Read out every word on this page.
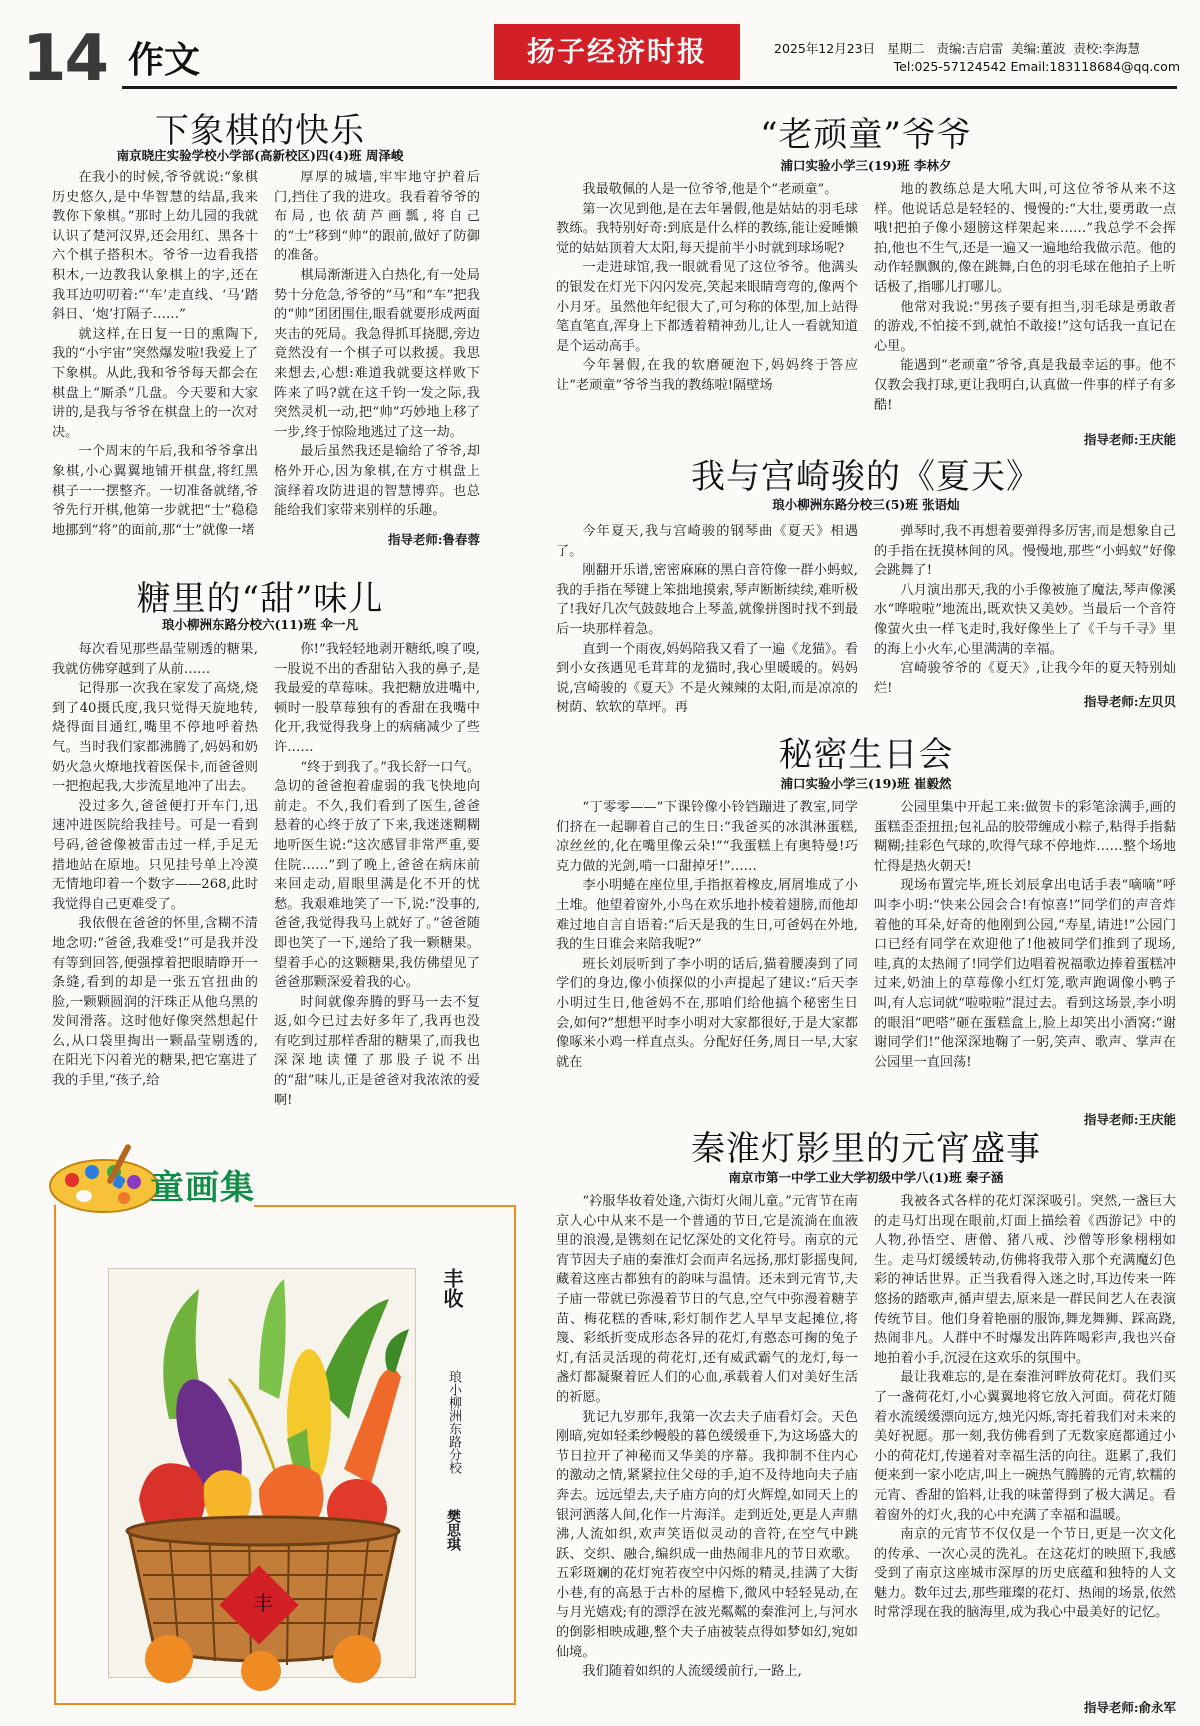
14 作文	扬子经济时报	2025年12月23日 星期二 责编:吉启雷 美编:董波 责校:李海慧
Tel:025-57124542 Email:183118684@qq.com
下象棋的快乐
南京晓庄实验学校小学部(高新校区)四(4)班 周泽峻

在我小的时候,爷爷就说:“象棋历史悠久,是中华智慧的结晶,我来教你下象棋。”那时上幼儿园的我就认识了楚河汉界,还会用红、黑各十六个棋子搭积木。爷爷一边看我搭积木,一边教我认象棋上的字,还在我耳边叨叨着:“‘车’走直线、‘马’踏斜日、‘炮’打隔子……”

就这样,在日复一日的熏陶下,我的“小宇宙”突然爆发啦!我爱上了下象棋。从此,我和爷爷每天都会在棋盘上“厮杀”几盘。今天要和大家讲的,是我与爷爷在棋盘上的一次对决。

一个周末的午后,我和爷爷拿出象棋,小心翼翼地铺开棋盘,将红黑棋子一一摆整齐。一切准备就绪,爷爷先行开棋,他第一步就把“士”稳稳地挪到“将”的面前,那“士”就像一堵

厚厚的城墙,牢牢地守护着后门,挡住了我的进攻。我看着爷爷的布局,也依葫芦画瓢,将自己的“士”移到“帅”的跟前,做好了防御的准备。

棋局渐渐进入白热化,有一处局势十分危急,爷爷的“马”和“车”把我的“帅”团团围住,眼看就要形成两面夹击的死局。我急得抓耳挠腮,旁边竟然没有一个棋子可以救援。我思来想去,心想:难道我就要这样败下阵来了吗?就在这千钧一发之际,我突然灵机一动,把“帅”巧妙地上移了一步,终于惊险地逃过了这一劫。

最后虽然我还是输给了爷爷,却格外开心,因为象棋,在方寸棋盘上演绎着攻防进退的智慧博弈。也总能给我们家带来别样的乐趣。

指导老师:鲁春蓉
糖里的“甜”味儿
琅小柳洲东路分校六(11)班 伞一凡

每次看见那些晶莹剔透的糖果,我就仿佛穿越到了从前……

记得那一次我在家发了高烧,烧到了40摄氏度,我只觉得天旋地转,烧得面目通红,嘴里不停地呼着热气。当时我们家都沸腾了,妈妈和奶奶火急火燎地找着医保卡,而爸爸则一把抱起我,大步流星地冲了出去。

没过多久,爸爸便打开车门,迅速冲进医院给我挂号。可是一看到号码,爸爸像被雷击过一样,手足无措地站在原地。只见挂号单上冷漠无情地印着一个数字——268,此时我觉得自己更难受了。

我依偎在爸爸的怀里,含糊不清地念叨:“爸爸,我难受!”可是我并没有等到回答,便强撑着把眼睛睁开一条缝,看到的却是一张五官扭曲的脸,一颗颗圆润的汗珠正从他乌黑的发间滑落。这时他好像突然想起什么,从口袋里掏出一颗晶莹剔透的,在阳光下闪着光的糖果,把它塞进了我的手里,“孩子,给

你!”我轻轻地剥开糖纸,嗅了嗅,一股说不出的香甜钻入我的鼻子,是我最爱的草莓味。我把糖放进嘴中,顿时一股草莓独有的香甜在我嘴中化开,我觉得我身上的病痛减少了些许……

“终于到我了。”我长舒一口气。急切的爸爸抱着虚弱的我飞快地向前走。不久,我们看到了医生,爸爸悬着的心终于放了下来,我迷迷糊糊地听医生说:“这次感冒非常严重,要住院……”到了晚上,爸爸在病床前来回走动,眉眼里满是化不开的忧愁。我艰难地笑了一下,说:“没事的,爸爸,我觉得我马上就好了。”爸爸随即也笑了一下,递给了我一颗糖果。望着手心的这颗糖果,我仿佛望见了爸爸那颗深爱着我的心。

时间就像奔腾的野马一去不复返,如今已过去好多年了,我再也没有吃到过那样香甜的糖果了,而我也深深地读懂了那股子说不出的“甜”味儿,正是爸爸对我浓浓的爱啊!

“老顽童”爷爷
浦口实验小学三(19)班 李林夕

我最敬佩的人是一位爷爷,他是个“老顽童”。

第一次见到他,是在去年暑假,他是姑姑的羽毛球教练。我特别好奇:到底是什么样的教练,能让爱睡懒觉的姑姑顶着大太阳,每天提前半小时就到球场呢?

一走进球馆,我一眼就看见了这位爷爷。他满头的银发在灯光下闪闪发亮,笑起来眼睛弯弯的,像两个小月牙。虽然他年纪很大了,可匀称的体型,加上站得笔直笔直,浑身上下都透着精神劲儿,让人一看就知道是个运动高手。

今年暑假,在我的软磨硬泡下,妈妈终于答应让“老顽童”爷爷当我的教练啦!隔壁场

地的教练总是大吼大叫,可这位爷爷从来不这样。他说话总是轻轻的、慢慢的:“大壮,要勇敢一点哦!把拍子像小翅膀这样架起来……”我总学不会挥拍,他也不生气,还是一遍又一遍地给我做示范。他的动作轻飘飘的,像在跳舞,白色的羽毛球在他拍子上听话极了,指哪儿打哪儿。

他常对我说:“男孩子要有担当,羽毛球是勇敢者的游戏,不怕接不到,就怕不敢接!”这句话我一直记在心里。

能遇到“老顽童”爷爷,真是我最幸运的事。他不仅教会我打球,更让我明白,认真做一件事的样子有多酷!

指导老师:王庆能
我与宫崎骏的《夏天》
琅小柳洲东路分校三(5)班 张语灿

今年夏天,我与宫崎骏的钢琴曲《夏天》相遇了。

刚翻开乐谱,密密麻麻的黑白音符像一群小蚂蚁,我的手指在琴键上笨拙地摸索,琴声断断续续,难听极了!我好几次气鼓鼓地合上琴盖,就像拼图时找不到最后一块那样着急。

直到一个雨夜,妈妈陪我又看了一遍《龙猫》。看到小女孩遇见毛茸茸的龙猫时,我心里暖暖的。妈妈说,宫崎骏的《夏天》不是火辣辣的太阳,而是凉凉的树荫、软软的草坪。再

弹琴时,我不再想着要弹得多厉害,而是想象自己的手指在抚摸林间的风。慢慢地,那些“小蚂蚁”好像会跳舞了!

八月演出那天,我的小手像被施了魔法,琴声像溪水“哗啦啦”地流出,既欢快又美妙。当最后一个音符像萤火虫一样飞走时,我好像坐上了《千与千寻》里的海上小火车,心里满满的幸福。

宫崎骏爷爷的《夏天》,让我今年的夏天特别灿烂!

指导老师:左贝贝
秘密生日会
浦口实验小学三(19)班 崔毅然

“丁零零——”下课铃像小铃铛蹦进了教室,同学们挤在一起聊着自己的生日:“我爸买的冰淇淋蛋糕,凉丝丝的,化在嘴里像云朵!”“我蛋糕上有奥特曼!巧克力做的光剑,啃一口甜掉牙!”……

李小明蜷在座位里,手指抠着橡皮,屑屑堆成了小土堆。他望着窗外,小鸟在欢乐地扑棱着翅膀,而他却难过地自言自语着:“后天是我的生日,可爸妈在外地,我的生日谁会来陪我呢?”

班长刘辰听到了李小明的话后,猫着腰凑到了同学们的身边,像小侦探似的小声提起了建议:“后天李小明过生日,他爸妈不在,那咱们给他搞个秘密生日会,如何?”想想平时李小明对大家都很好,于是大家都像啄米小鸡一样直点头。分配好任务,周日一早,大家就在

公园里集中开起工来:做贺卡的彩笔涂满手,画的蛋糕歪歪扭扭;包礼品的胶带缠成小粽子,粘得手指黏糊糊;挂彩色气球的,吹得气球不停地炸……整个场地忙得是热火朝天!

现场布置完毕,班长刘辰拿出电话手表“嘀嘀”呼叫李小明:“快来公园会合!有惊喜!”同学们的声音炸着他的耳朵,好奇的他刚到公园,“寿星,请进!”公园门口已经有同学在欢迎他了!他被同学们推到了现场,哇,真的太热闹了!同学们边唱着祝福歌边捧着蛋糕冲过来,奶油上的草莓像小红灯笼,歌声跑调像小鸭子叫,有人忘词就“啦啦啦”混过去。看到这场景,李小明的眼泪“吧嗒”砸在蛋糕盒上,脸上却笑出小酒窝:“谢谢同学们!”他深深地鞠了一躬,笑声、歌声、掌声在公园里一直回荡!

指导老师:王庆能
秦淮灯影里的元宵盛事
南京市第一中学工业大学初级中学八(1)班 秦子涵

“衿服华妆着处逢,六街灯火闹儿童。”元宵节在南京人心中从来不是一个普通的节日,它是流淌在血液里的浪漫,是镌刻在记忆深处的文化符号。南京的元宵节因夫子庙的秦淮灯会而声名远扬,那灯影摇曳间,藏着这座古都独有的韵味与温情。还未到元宵节,夫子庙一带就已弥漫着节日的气息,空气中弥漫着糖芋苗、梅花糕的香味,彩灯制作艺人早早支起摊位,将篾、彩纸折变成形态各异的花灯,有憨态可掬的兔子灯,有活灵活现的荷花灯,还有威武霸气的龙灯,每一盏灯都凝聚着匠人们的心血,承载着人们对美好生活的祈愿。

犹记九岁那年,我第一次去夫子庙看灯会。天色刚暗,宛如轻柔纱幔般的暮色缓缓垂下,为这场盛大的节日拉开了神秘而又华美的序幕。我抑制不住内心的激动之情,紧紧拉住父母的手,迫不及待地向夫子庙奔去。远远望去,夫子庙方向的灯火辉煌,如同天上的银河洒落人间,化作一片海洋。走到近处,更是人声鼎沸,人流如织,欢声笑语似灵动的音符,在空气中跳跃、交织、融合,编织成一曲热闹非凡的节日欢歌。五彩斑斓的花灯宛若夜空中闪烁的精灵,挂满了大街小巷,有的高悬于古朴的屋檐下,微风中轻轻晃动,在与月光嬉戏;有的漂浮在波光粼粼的秦淮河上,与河水的倒影相映成趣,整个夫子庙被装点得如梦如幻,宛如仙境。

我们随着如织的人流缓缓前行,一路上,

我被各式各样的花灯深深吸引。突然,一盏巨大的走马灯出现在眼前,灯面上描绘着《西游记》中的人物,孙悟空、唐僧、猪八戒、沙僧等形象栩栩如生。走马灯缓缓转动,仿佛将我带入那个充满魔幻色彩的神话世界。正当我看得入迷之时,耳边传来一阵悠扬的踏歌声,循声望去,原来是一群民间艺人在表演传统节目。他们身着艳丽的服饰,舞龙舞狮、踩高跷,热闹非凡。人群中不时爆发出阵阵喝彩声,我也兴奋地拍着小手,沉浸在这欢乐的氛围中。

最让我难忘的,是在秦淮河畔放荷花灯。我们买了一盏荷花灯,小心翼翼地将它放入河面。荷花灯随着水流缓缓漂向远方,烛光闪烁,寄托着我们对未来的美好祝愿。那一刻,我仿佛看到了无数家庭都通过小小的荷花灯,传递着对幸福生活的向往。逛累了,我们便来到一家小吃店,叫上一碗热气腾腾的元宵,软糯的元宵、香甜的馅料,让我的味蕾得到了极大满足。看着窗外的灯火,我的心中充满了幸福和温暖。

南京的元宵节不仅仅是一个节日,更是一次文化的传承、一次心灵的洗礼。在这花灯的映照下,我感受到了南京这座城市深厚的历史底蕴和独特的人文魅力。数年过去,那些璀璨的花灯、热闹的场景,依然时常浮现在我的脑海里,成为我心中最美好的记忆。

指导老师:俞永军
童画集
丰
丰收
琅小柳洲东路分校
樊思琪
